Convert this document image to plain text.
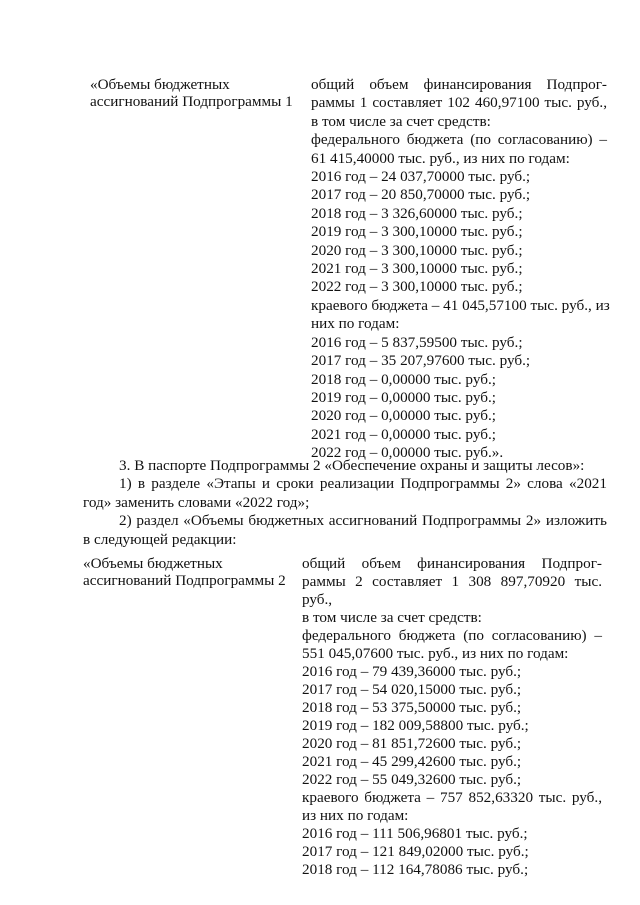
«Объемы бюджетных
ассигнований Подпрограммы 1
общий объем финансирования Подпрог-
раммы 1 составляет 102 460,97100 тыс. руб.,
в том числе за счет средств:
федерального бюджета (по согласованию) –
61 415,40000 тыс. руб., из них по годам:
2016 год – 24 037,70000 тыс. руб.;
2017 год – 20 850,70000 тыс. руб.;
2018 год – 3 326,60000 тыс. руб.;
2019 год – 3 300,10000 тыс. руб.;
2020 год – 3 300,10000 тыс. руб.;
2021 год – 3 300,10000 тыс. руб.;
2022 год – 3 300,10000 тыс. руб.;
краевого бюджета – 41 045,57100 тыс. руб., из
них по годам:
2016 год – 5 837,59500 тыс. руб.;
2017 год – 35 207,97600 тыс. руб.;
2018 год – 0,00000 тыс. руб.;
2019 год – 0,00000 тыс. руб.;
2020 год – 0,00000 тыс. руб.;
2021 год – 0,00000 тыс. руб.;
2022 год – 0,00000 тыс. руб.».
3. В паспорте Подпрограммы 2 «Обеспечение охраны и защиты лесов»:
1) в разделе «Этапы и сроки реализации Подпрограммы 2» слова «2021
год» заменить словами «2022 год»;
2) раздел «Объемы бюджетных ассигнований Подпрограммы 2» изложить
в следующей редакции:
«Объемы бюджетных
ассигнований Подпрограммы 2
общий объем финансирования Подпрог-
раммы 2 составляет 1 308 897,70920 тыс. руб.,
в том числе за счет средств:
федерального бюджета (по согласованию) –
551 045,07600 тыс. руб., из них по годам:
2016 год – 79 439,36000 тыс. руб.;
2017 год – 54 020,15000 тыс. руб.;
2018 год – 53 375,50000 тыс. руб.;
2019 год – 182 009,58800 тыс. руб.;
2020 год – 81 851,72600 тыс. руб.;
2021 год – 45 299,42600 тыс. руб.;
2022 год – 55 049,32600 тыс. руб.;
краевого бюджета – 757 852,63320 тыс. руб.,
из них по годам:
2016 год – 111 506,96801 тыс. руб.;
2017 год – 121 849,02000 тыс. руб.;
2018 год – 112 164,78086 тыс. руб.;
